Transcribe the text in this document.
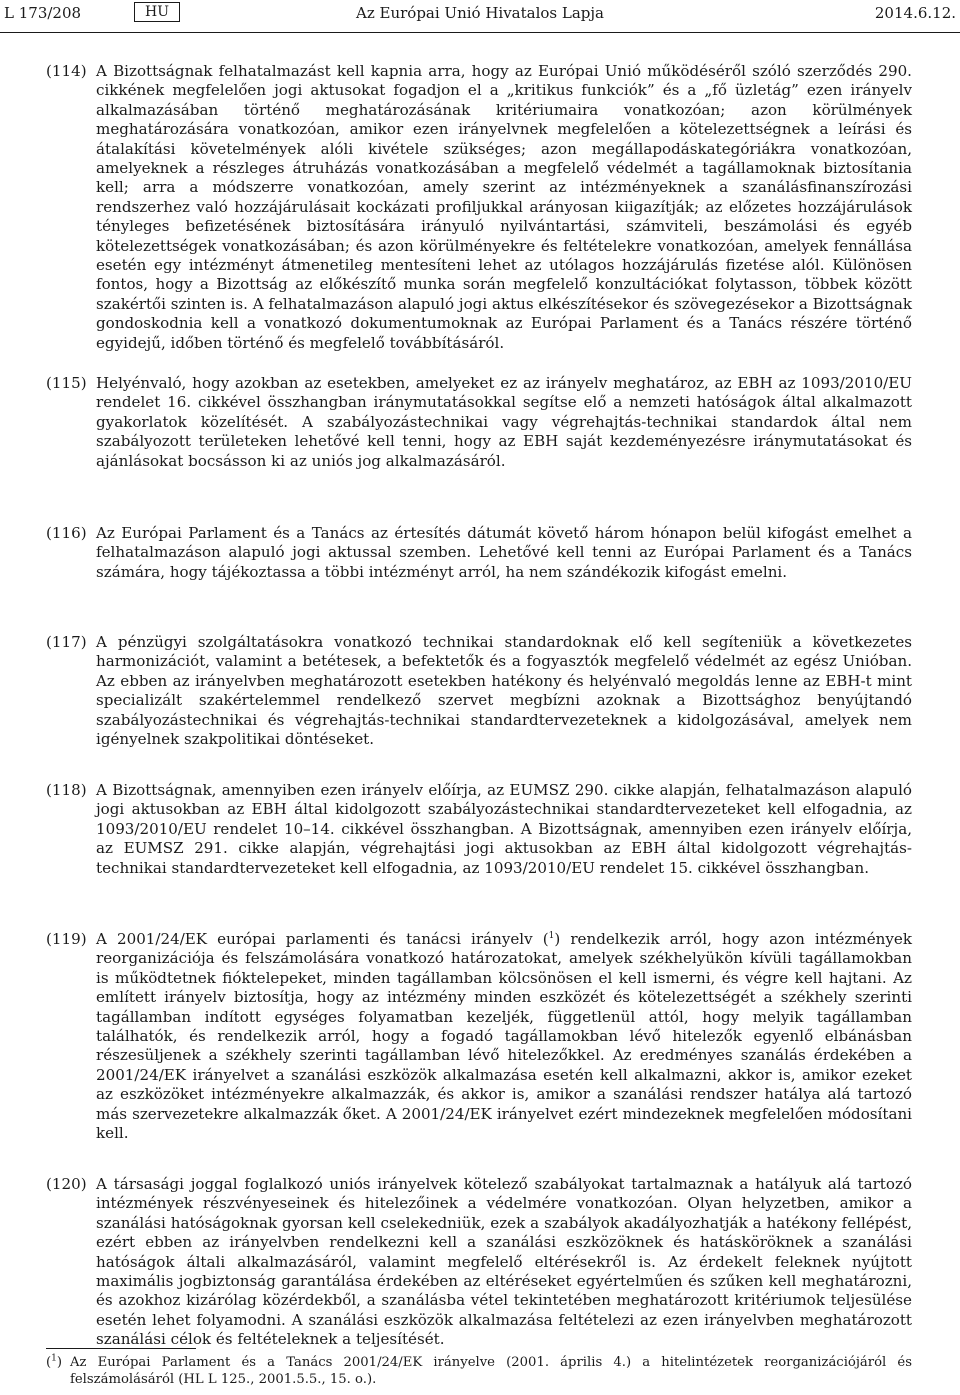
L 173/208	HU	Az Európai Unió Hivatalos Lapja	2014.6.12.
(114) A Bizottságnak felhatalmazást kell kapnia arra, hogy az Európai Unió működéséről szóló szerződés 290. cikkének megfelelően jogi aktusokat fogadjon el a „kritikus funkciók” és a „fő üzletág” ezen irányelv alkalmazásában történő meghatározásának kritériumaira vonatkozóan; azon körülmények meghatározására vonatkozóan, amikor ezen irányelvnek megfelelően a kötelezettségnek a leírási és átalakítási követelmények alóli kivétele szükséges; azon megállapodáskategóriákra vonatkozóan, amelyeknek a részleges átruházás vonatkozásában a megfelelő védelmét a tagállamoknak biztosítania kell; arra a módszerre vonatkozóan, amely szerint az intézményeknek a szanálásfinanszírozási rendszerhez való hozzájárulásait kockázati profiljukkal arányosan kiigazítják; az előzetes hozzájárulások tényleges befizetésének biztosítására irányuló nyilvántartási, számviteli, beszámolási és egyéb kötelezettségek vonatkozásában; és azon körülményekre és feltételekre vonatkozóan, amelyek fennállása esetén egy intézményt átmenetileg mentesíteni lehet az utólagos hozzájárulás fizetése alól. Különösen fontos, hogy a Bizottság az előkészítő munka során megfelelő konzultációkat folytasson, többek között szakértői szinten is. A felhatalmazáson alapuló jogi aktus elkészítésekor és szövegezésekor a Bizottságnak gondoskodnia kell a vonatkozó dokumentumoknak az Európai Parlament és a Tanács részére történő egyidejű, időben történő és megfelelő továbbításáról.
(115) Helyénvaló, hogy azokban az esetekben, amelyeket ez az irányelv meghatároz, az EBH az 1093/2010/EU rendelet 16. cikkével összhangban iránymutatásokkal segítse elő a nemzeti hatóságok által alkalmazott gyakorlatok közelítését. A szabályozástechnikai vagy végrehajtás-technikai standardok által nem szabályozott területeken lehetővé kell tenni, hogy az EBH saját kezdeményezésre iránymutatásokat és ajánlásokat bocsásson ki az uniós jog alkalmazásáról.
(116) Az Európai Parlament és a Tanács az értesítés dátumát követő három hónapon belül kifogást emelhet a felhatalmazáson alapuló jogi aktussal szemben. Lehetővé kell tenni az Európai Parlament és a Tanács számára, hogy tájékoztassa a többi intézményt arról, ha nem szándékozik kifogást emelni.
(117) A pénzügyi szolgáltatásokra vonatkozó technikai standardoknak elő kell segíteniük a következetes harmonizációt, valamint a betétesek, a befektetők és a fogyasztók megfelelő védelmét az egész Unióban. Az ebben az irányelvben meghatározott esetekben hatékony és helyénvaló megoldás lenne az EBH-t mint specializált szakértelemmel rendelkező szervet megbízni azoknak a Bizottsághoz benyújtandó szabályozástechnikai és végrehajtás-technikai standardtervezeteknek a kidolgozásával, amelyek nem igényelnek szakpolitikai döntéseket.
(118) A Bizottságnak, amennyiben ezen irányelv előírja, az EUMSZ 290. cikke alapján, felhatalmazáson alapuló jogi aktusokban az EBH által kidolgozott szabályozástechnikai standardtervezeteket kell elfogadnia, az 1093/2010/EU rendelet 10–14. cikkével összhangban. A Bizottságnak, amennyiben ezen irányelv előírja, az EUMSZ 291. cikke alapján, végrehajtási jogi aktusokban az EBH által kidolgozott végrehajtás-technikai standardtervezeteket kell elfogadnia, az 1093/2010/EU rendelet 15. cikkével összhangban.
(119) A 2001/24/EK európai parlamenti és tanácsi irányelv ($^1$) rendelkezik arról, hogy azon intézmények reorganizációja és felszámolására vonatkozó határozatokat, amelyek székhelyükön kívüli tagállamokban is működtetnek fióktelepeket, minden tagállamban kölcsönösen el kell ismerni, és végre kell hajtani. Az említett irányelv biztosítja, hogy az intézmény minden eszközét és kötelezettségét a székhely szerinti tagállamban indított egységes folyamatban kezeljék, függetlenül attól, hogy melyik tagállamban találhatók, és rendelkezik arról, hogy a fogadó tagállamokban lévő hitelezők egyenlő elbánásban részesüljenek a székhely szerinti tagállamban lévő hitelezőkkel. Az eredményes szanálás érdekében a 2001/24/EK irányelvet a szanálási eszközök alkalmazása esetén kell alkalmazni, akkor is, amikor ezeket az eszközöket intézményekre alkalmazzák, és akkor is, amikor a szanálási rendszer hatálya alá tartozó más szervezetekre alkalmazzák őket. A 2001/24/EK irányelvet ezért mindezeknek megfelelően módosítani kell.
(120) A társasági joggal foglalkozó uniós irányelvek kötelező szabályokat tartalmaznak a hatályuk alá tartozó intézmények részvényeseinek és hitelezőinek a védelmére vonatkozóan. Olyan helyzetben, amikor a szanálási hatóságoknak gyorsan kell cselekedniük, ezek a szabályok akadályozhatják a hatékony fellépést, ezért ebben az irányelvben rendelkezni kell a szanálási eszközöknek és hatásköröknek a szanálási hatóságok általi alkalmazásáról, valamint megfelelő eltérésekről is. Az érdekelt feleknek nyújtott maximális jogbiztonság garantálása érdekében az eltéréseket egyértelműen és szűken kell meghatározni, és azokhoz kizárólag közérdekből, a szanálásba vétel tekintetében meghatározott kritériumok teljesülése esetén lehet folyamodni. A szanálási eszközök alkalmazása feltételezi az ezen irányelvben meghatározott szanálási célok és feltételeknek a teljesítését.
($^1$) Az Európai Parlament és a Tanács 2001/24/EK irányelve (2001. április 4.) a hitelintézetek reorganizációjáról és felszámolásáról (HL L 125., 2001.5.5., 15. o.).
